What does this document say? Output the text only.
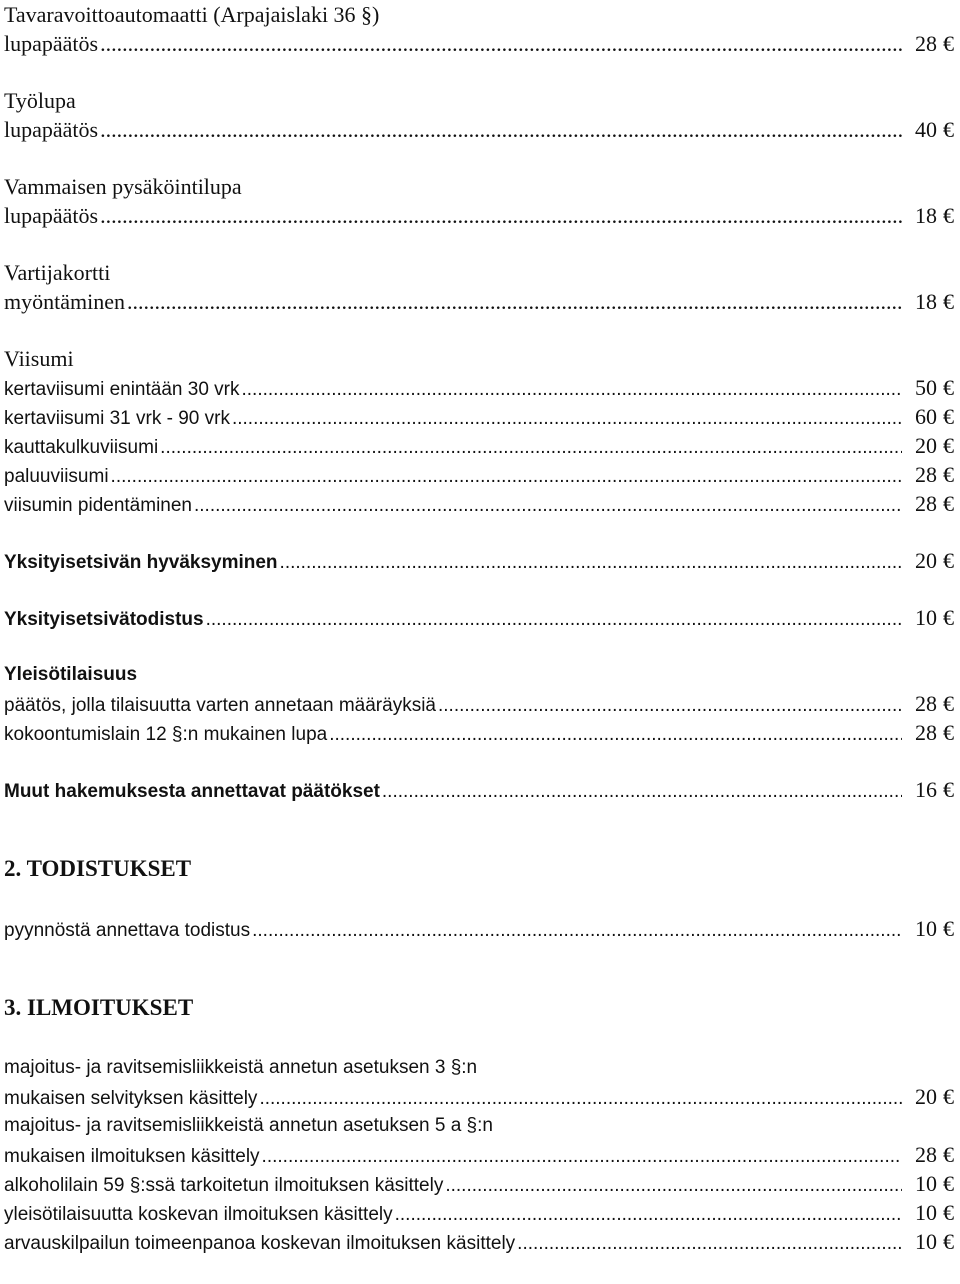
Tavaravoittoautomaatti (Arpajaislaki 36 §)
lupapäätös .....	28 €
Työlupa
lupapäätös .....	40 €
Vammaisen pysäköintilupa
lupapäätös .....	18 €
Vartijakortti
myöntäminen .....	18 €
Viisumi
kertaviisumi enintään 30 vrk .....	50 €
kertaviisumi 31 vrk - 90 vrk .....	60 €
kauttakulkuviisumi .....	20 €
paluuviisumi .....	28 €
viisumin pidentäminen .....	28 €
Yksityisetsivän hyväksyminen .....	20 €
Yksityisetsivätodistus .....	10 €
Yleisötilaisuus
päätös, jolla tilaisuutta varten annetaan määräyksiä .....	28 €
kokoontumislain 12 §:n mukainen lupa .....	28 €
Muut hakemuksesta annettavat päätökset .....	16 €
2. TODISTUKSET
pyynnöstä annettava todistus .....	10 €
3. ILMOITUKSET
majoitus- ja ravitsemisliikkeistä annetun asetuksen 3 §:n
mukaisen selvityksen käsittely .....	20 €
majoitus- ja ravitsemisliikkeistä annetun asetuksen 5 a §:n
mukaisen ilmoituksen käsittely .....	28 €
alkoholilain 59 §:ssä tarkoitetun ilmoituksen käsittely .....	10 €
yleisötilaisuutta koskevan ilmoituksen käsittely .....	10 €
arvauskilpailun toimeenpanoa koskevan ilmoituksen käsittely .....	10 €
